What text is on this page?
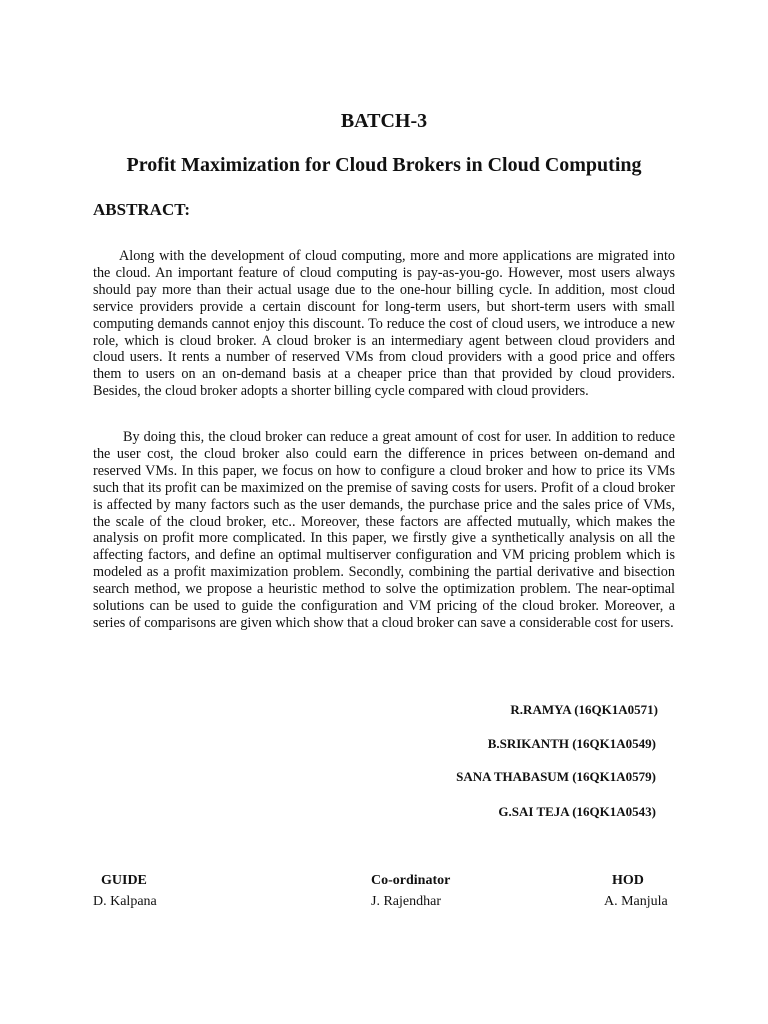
BATCH-3
Profit Maximization for Cloud Brokers in Cloud Computing
ABSTRACT:

Along with the development of cloud computing, more and more applications are migrated into the cloud. An important feature of cloud computing is pay-as-you-go. However, most users always should pay more than their actual usage due to the one-hour billing cycle. In addition, most cloud service providers provide a certain discount for long-term users, but short-term users with small computing demands cannot enjoy this discount. To reduce the cost of cloud users, we introduce a new role, which is cloud broker. A cloud broker is an intermediary agent between cloud providers and cloud users. It rents a number of reserved VMs from cloud providers with a good price and offers them to users on an on-demand basis at a cheaper price than that provided by cloud providers. Besides, the cloud broker adopts a shorter billing cycle compared with cloud providers.

By doing this, the cloud broker can reduce a great amount of cost for user. In addition to reduce the user cost, the cloud broker also could earn the difference in prices between on-demand and reserved VMs. In this paper, we focus on how to configure a cloud broker and how to price its VMs such that its profit can be maximized on the premise of saving costs for users. Profit of a cloud broker is affected by many factors such as the user demands, the purchase price and the sales price of VMs, the scale of the cloud broker, etc.. Moreover, these factors are affected mutually, which makes the analysis on profit more complicated. In this paper, we firstly give a synthetically analysis on all the affecting factors, and define an optimal multiserver configuration and VM pricing problem which is modeled as a profit maximization problem. Secondly, combining the partial derivative and bisection search method, we propose a heuristic method to solve the optimization problem. The near-optimal solutions can be used to guide the configuration and VM pricing of the cloud broker. Moreover, a series of comparisons are given which show that a cloud broker can save a considerable cost for users.

R.RAMYA (16QK1A0571)
B.SRIKANTH (16QK1A0549)
SANA THABASUM (16QK1A0579)
G.SAI TEJA (16QK1A0543)
GUIDE
D. Kalpana
Co-ordinator
J. Rajendhar
HOD
A. Manjula
